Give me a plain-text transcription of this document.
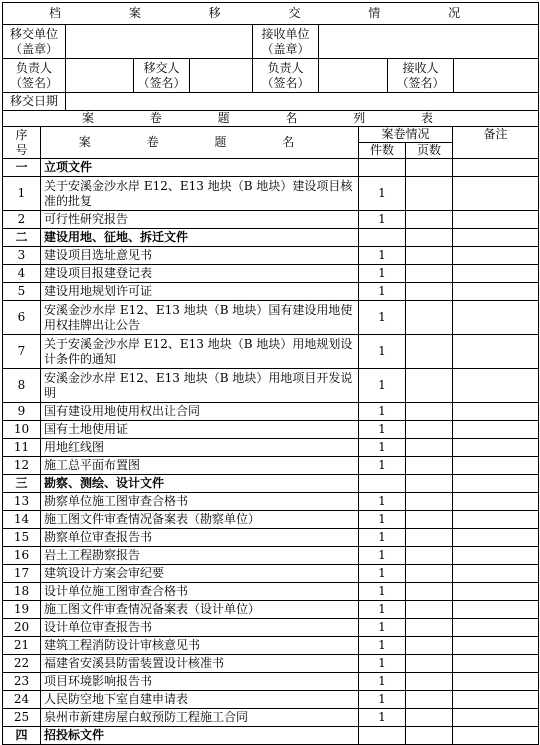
档 案 移 交 情 况							
移交单位
（盖章）				接收单位
（盖章）			
负责人
（签名）		移交人
（签名）		负责人
（签名）		接收人
（签名）	
移交日期							
案 卷 题 名 列 表				
序
号	案 卷 题 名	案卷情况		备注
		件数	页数	
一	立项文件			
1	关于安溪金沙水岸 E12、E13 地块（B 地块）建设项目核准的批复	1		
2	可行性研究报告	1		
二	建设用地、征地、拆迁文件			
3	建设项目选址意见书	1		
4	建设项目报建登记表	1		
5	建设用地规划许可证	1		
6	安溪金沙水岸 E12、E13 地块（B 地块）国有建设用地使用权挂牌出让公告	1		
7	关于安溪金沙水岸 E12、E13 地块（B 地块）用地规划设计条件的通知	1		
8	安溪金沙水岸 E12、E13 地块（B 地块）用地项目开发说明	1		
9	国有建设用地使用权出让合同	1		
10	国有土地使用证	1		
11	用地红线图	1		
12	施工总平面布置图	1		
三	勘察、测绘、设计文件			
13	勘察单位施工图审查合格书	1		
14	施工图文件审查情况备案表（勘察单位）	1		
15	勘察单位审查报告书	1		
16	岩土工程勘察报告	1		
17	建筑设计方案会审纪要	1		
18	设计单位施工图审查合格书	1		
19	施工图文件审查情况备案表（设计单位）	1		
20	设计单位审查报告书	1		
21	建筑工程消防设计审核意见书	1		
22	福建省安溪县防雷装置设计核准书	1		
23	项目环境影响报告书	1		
24	人民防空地下室自建申请表	1		
25	泉州市新建房屋白蚁预防工程施工合同	1		
四	招投标文件			
